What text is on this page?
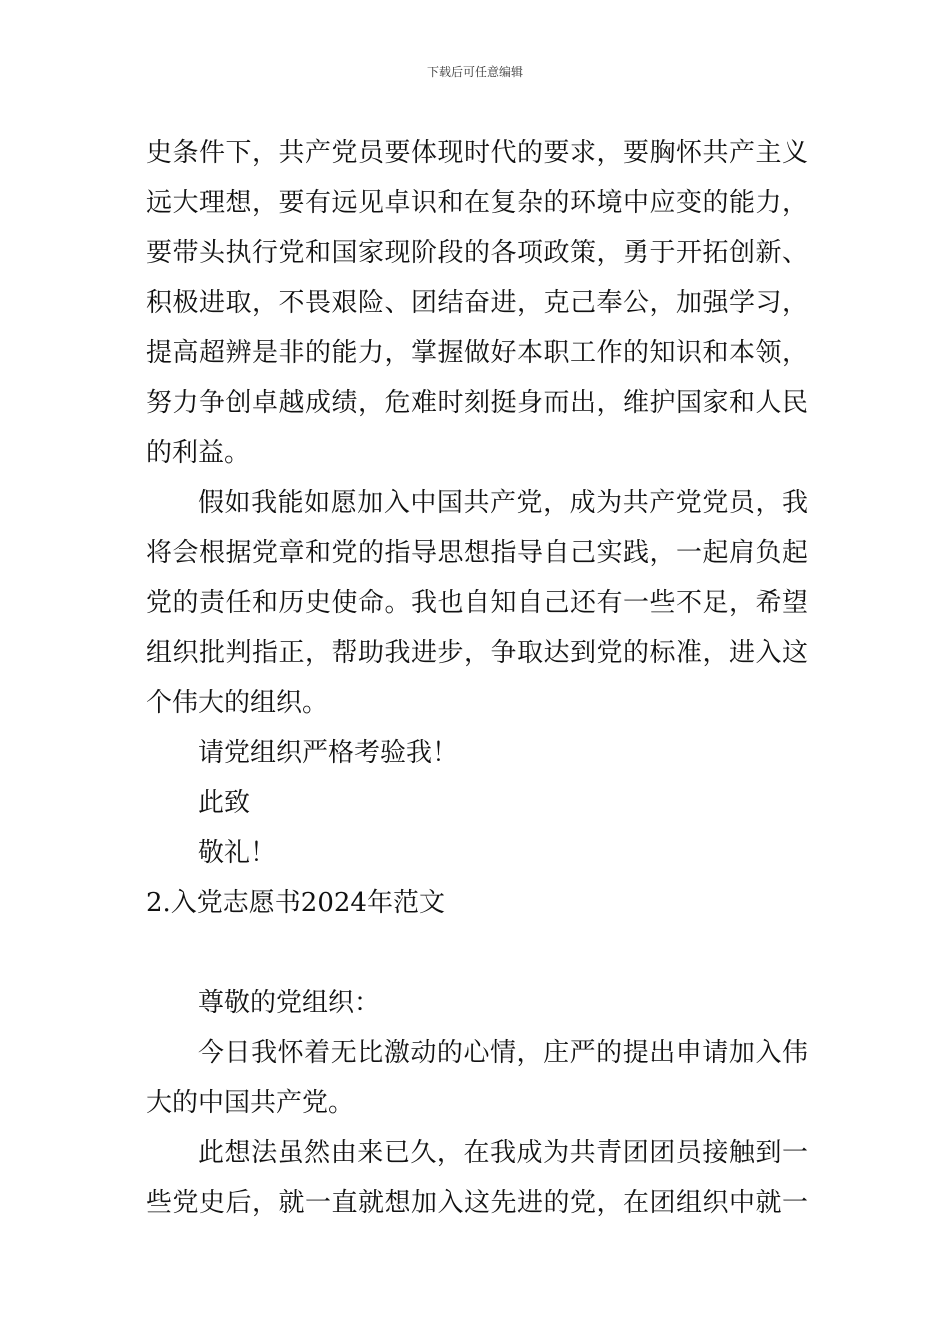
下载后可任意编辑
史条件下，共产党员要体现时代的要求，要胸怀共产主义
远大理想，要有远见卓识和在复杂的环境中应变的能力，
要带头执行党和国家现阶段的各项政策，勇于开拓创新、
积极进取，不畏艰险、团结奋进，克己奉公，加强学习，
提高超辨是非的能力，掌握做好本职工作的知识和本领，
努力争创卓越成绩，危难时刻挺身而出，维护国家和人民
的利益。
假如我能如愿加入中国共产党，成为共产党党员，我
将会根据党章和党的指导思想指导自己实践，一起肩负起
党的责任和历史使命。我也自知自己还有一些不足，希望
组织批判指正，帮助我进步，争取达到党的标准，进入这
个伟大的组织。
请党组织严格考验我！
此致
敬礼！
2.入党志愿书2024年范文
尊敬的党组织：
今日我怀着无比激动的心情，庄严的提出申请加入伟
大的中国共产党。
此想法虽然由来已久，在我成为共青团团员接触到一
些党史后，就一直就想加入这先进的党，在团组织中就一
